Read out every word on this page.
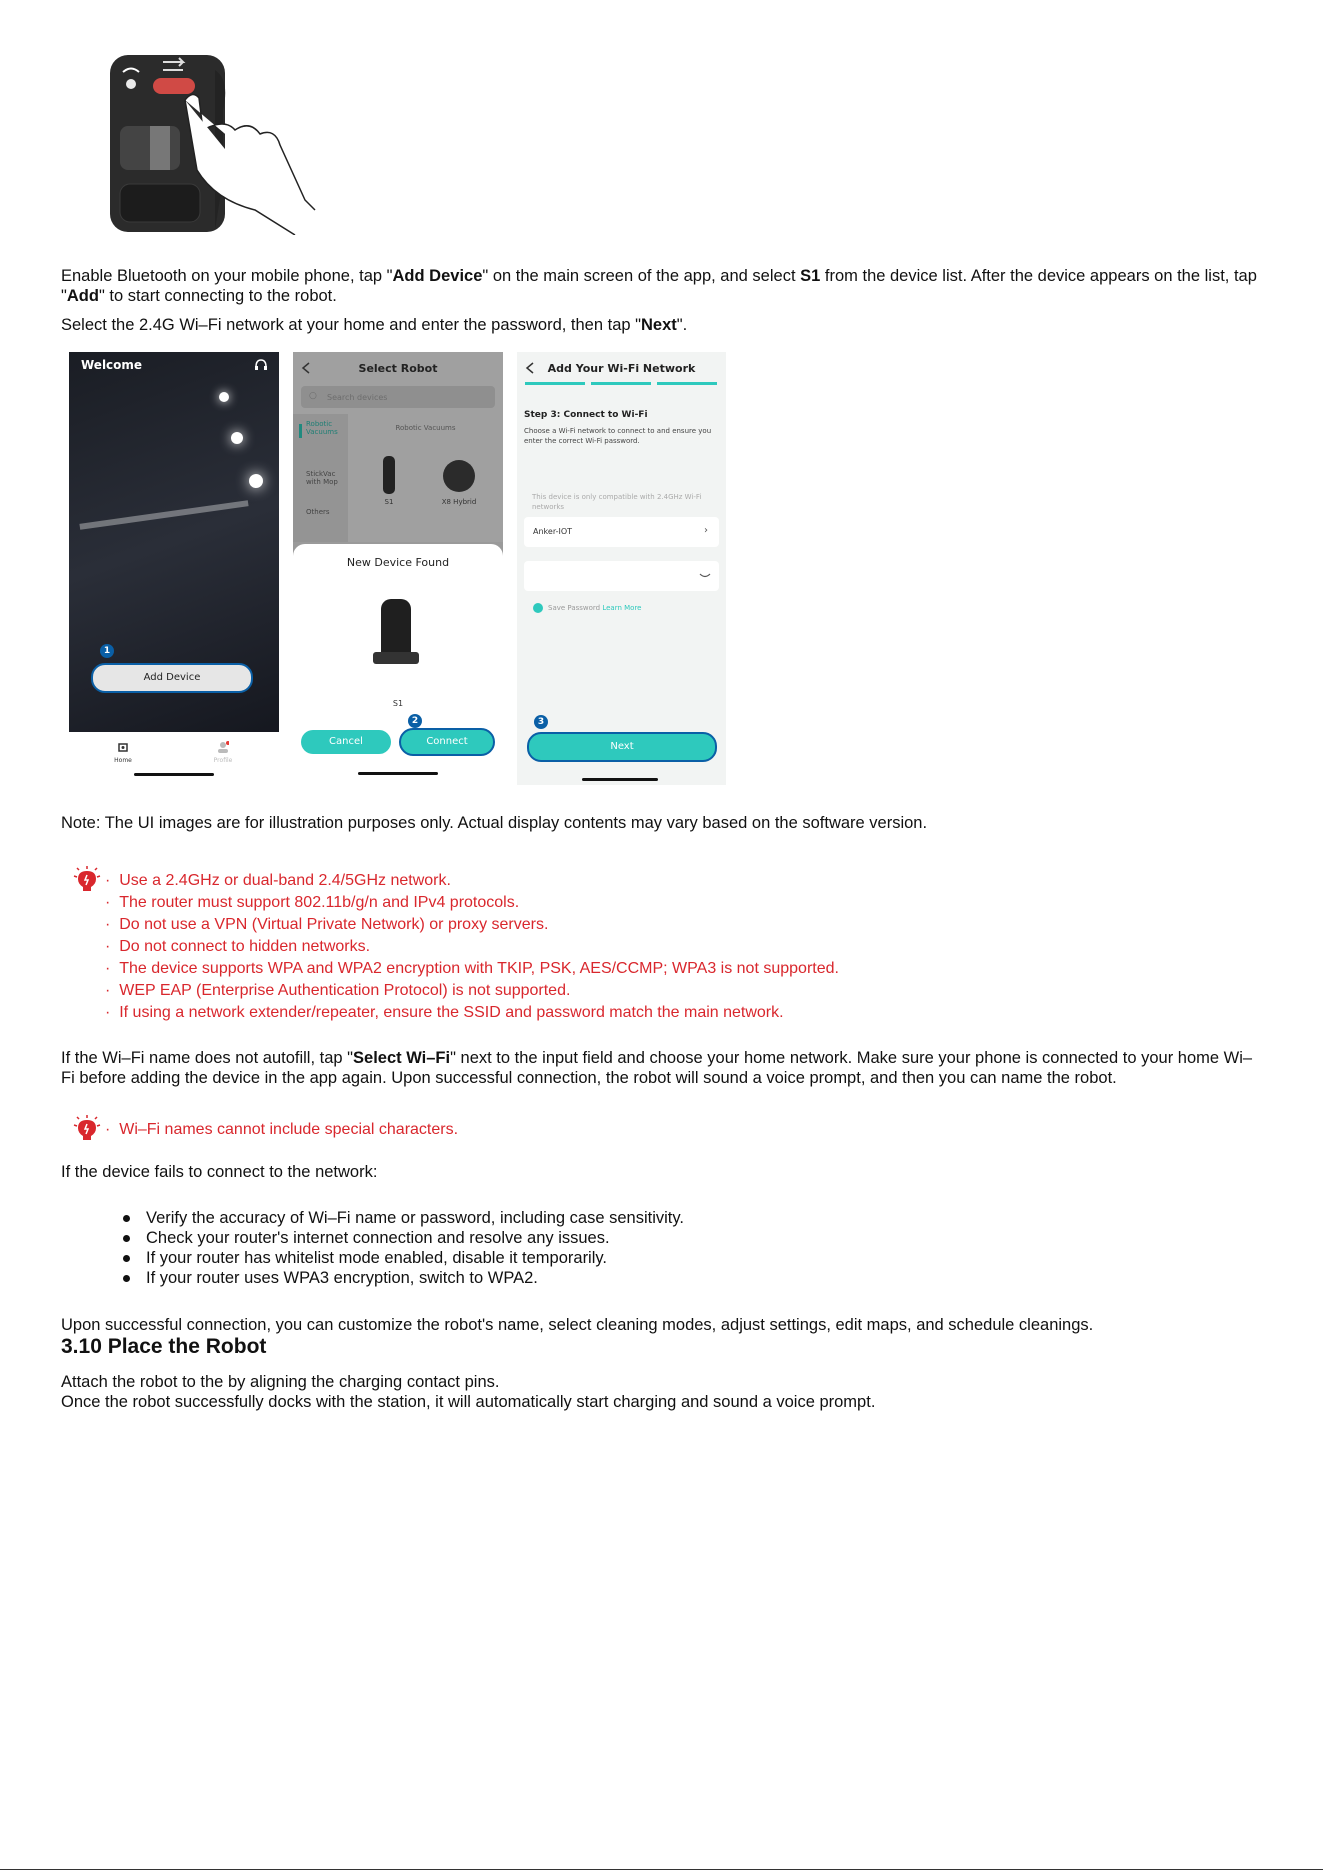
Enable Bluetooth on your mobile phone, tap "Add Device" on the main screen of the app, and select S1 from the device list. After the device appears on the list, tap "Add" to start connecting to the robot.
Select the 2.4G Wi–Fi network at your home and enter the password, then tap "Next".
Welcome
1
Add Device
Home	Profile
Select Robot
○ Search devices
Robotic Vacuums
StickVac with Mop
Others
Robotic Vacuums
S1	X8 Hybrid
New Device Found
S1
2
Cancel	Connect
Add Your Wi-Fi Network
Step 3: Connect to Wi-Fi
Choose a Wi-Fi network to connect to and ensure you enter the correct Wi-Fi password.
This device is only compatible with 2.4GHz Wi-Fi networks
Anker-IOT	›
Save Password Learn More
3
Next
Note: The UI images are for illustration purposes only. Actual display contents may vary based on the software version.
·  Use a 2.4GHz or dual-band 2.4/5GHz network.
·  The router must support 802.11b/g/n and IPv4 protocols.
·  Do not use a VPN (Virtual Private Network) or proxy servers.
·  Do not connect to hidden networks.
·  The device supports WPA and WPA2 encryption with TKIP, PSK, AES/CCMP; WPA3 is not supported.
·  WEP EAP (Enterprise Authentication Protocol) is not supported.
·  If using a network extender/repeater, ensure the SSID and password match the main network.
If the Wi–Fi name does not autofill, tap "Select Wi–Fi" next to the input field and choose your home network. Make sure your phone is connected to your home Wi–Fi before adding the device in the app again. Upon successful connection, the robot will sound a voice prompt, and then you can name the robot.
·  Wi–Fi names cannot include special characters.
If the device fails to connect to the network:
Verify the accuracy of Wi–Fi name or password, including case sensitivity.
Check your router's internet connection and resolve any issues.
If your router has whitelist mode enabled, disable it temporarily.
If your router uses WPA3 encryption, switch to WPA2.
Upon successful connection, you can customize the robot's name, select cleaning modes, adjust settings, edit maps, and schedule cleanings.
3.10 Place the Robot
Attach the robot to the by aligning the charging contact pins.
Once the robot successfully docks with the station, it will automatically start charging and sound a voice prompt.
